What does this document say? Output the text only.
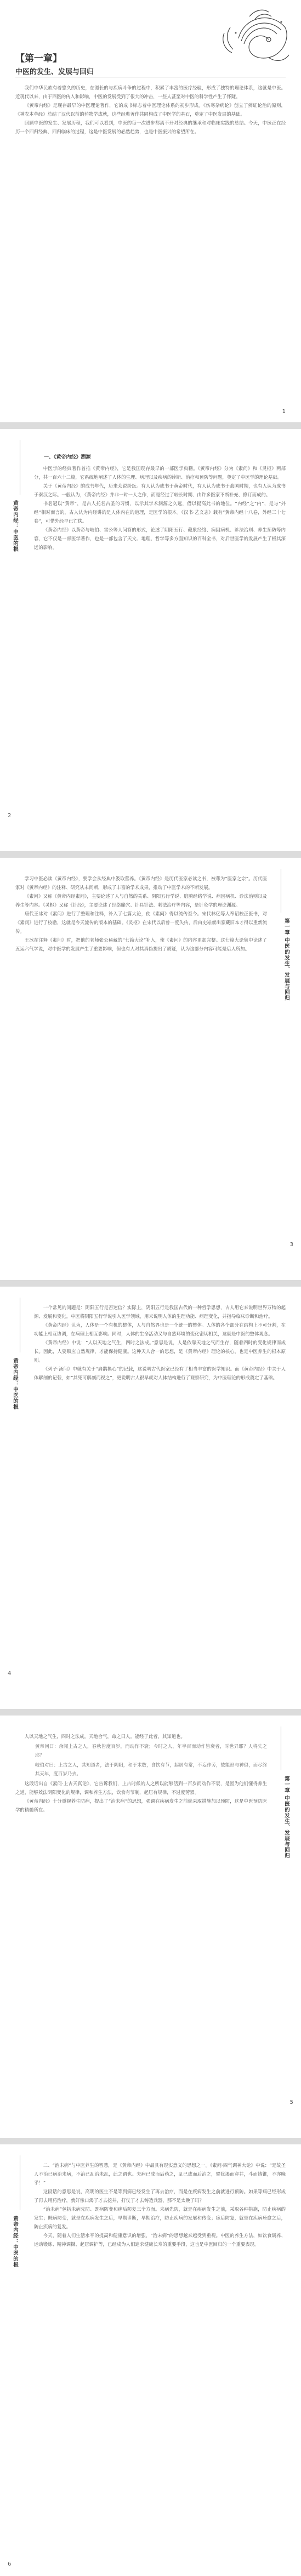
【第一章】
中医的发生、发展与回归

我们中华民族有着悠久的历史，在漫长的与疾病斗争的过程中，积累了丰富的医疗经验，形成了独特的理论体系，这就是中医。近现代以来，由于西医的传入和影响，中医的发展受到了很大的冲击，一些人甚至对中医的科学性产生了怀疑。

《黄帝内经》是现存最早的中医理论著作，它的成书标志着中医理论体系的初步形成。《伤寒杂病论》创立了辨证论治的原则，《神农本草经》总结了汉代以前的药物学成就，这些经典著作共同构成了中医学的基石，奠定了中医发展的基础。

回顾中医的发生、发展历程，我们可以看到，中医的每一次进步都离不开对经典的继承和对临床实践的总结。今天，中医正在经历一个回归经典、回归临床的过程，这是中医发展的必然趋势，也是中医振兴的希望所在。

1
黄帝内经：中医的根

一、《黄帝内经》溯源

中医学的经典著作首推《黄帝内经》，它是我国现存最早的一部医学典籍。《黄帝内经》分为《素问》和《灵枢》两部分，共一百六十二篇，它系统地阐述了人体的生理、病理以及疾病的诊断、治疗和预防等问题，奠定了中医学的理论基础。

关于《黄帝内经》的成书年代，历来众说纷纭。有人认为成书于黄帝时代，有人认为成书于战国时期，也有人认为成书于秦汉之际。一般认为，《黄帝内经》并非一时一人之作，而是经过了较长时期、由许多医家不断补充、修订而成的。

书名冠以“黄帝”，是古人托名古圣的习惯，以示其学术渊源之久远，借以提高此书的地位。“内经”之“内”，是与“外经”相对而言的，古人认为内经讲的是人体内在的道理，是医学的根本。《汉书·艺文志》载有“黄帝内经十八卷，外经三十七卷”，可惜外经早已亡佚。

《黄帝内经》以黄帝与岐伯、雷公等人问答的形式，论述了阴阳五行、藏象经络、病因病机、诊法治则、养生预防等内容，它不仅是一部医学著作，也是一部包含了天文、地理、哲学等多方面知识的百科全书，对后世医学的发展产生了极其深远的影响。

2

学习中医必读《黄帝内经》，要学会从经典中汲取营养。《黄帝内经》是历代医家必读之书，被尊为“医家之宗”。历代医家对《黄帝内经》的注释、研究从未间断，形成了丰富的学术成果，推动了中医学术的不断发展。

《素问》又称《黄帝内经素问》，主要论述了人与自然的关系、阴阳五行学说、脏腑经络学说、病因病机、诊法治则以及养生等内容。《灵枢》又称《针经》，主要论述了经络腧穴、针具针法、刺法治疗等内容，是针灸学的理论渊源。

唐代王冰对《素问》进行了整理和注释，补入了七篇大论，使《素问》得以流传至今。宋代林亿等人奉诏校正医书，对《素问》进行了校勘，这就是今天流传的版本的基础。《灵枢》在宋代以后曾一度失传，后由史崧献出家藏旧本才得以重新流传。

王冰在注释《素问》时，把他的老师张公秘藏的“七篇大论”补入，使《素问》的内容更加完整。这七篇大论集中论述了五运六气学说，对中医学的发展产生了重要影响，但也有人对其真伪提出了质疑，认为这部分内容可能是后人所加。	第一章 中医的发生、发展与回归
3
黄帝内经：中医的根

一个常见的问题是：阴阳五行是否迷信？实际上，阴阳五行是我国古代的一种哲学思想，古人用它来说明世界万物的起源、发展和变化。中医将阴阳五行学说引入医学领域，用来说明人体的生理功能、病理变化，并指导临床诊断和治疗。

《黄帝内经》认为，人体是一个有机的整体，人与自然界也是一个统一的整体。人体的各个部分在结构上不可分割，在功能上相互协调，在病理上相互影响。同时，人体的生命活动又与自然环境的变化密切相关，这就是中医的整体观念。

《黄帝内经》中说：“人以天地之气生，四时之法成。”意思是说，人是依靠天地之气而生存，随着四时的变化规律而成长。因此，人要顺应自然规律，才能保持健康。这种天人合一的思想，是《黄帝内经》理论的核心，也是中医养生的根本原则。

《列子·汤问》中就有关于“扁鹊换心”的记载，这说明古代医家已经有了相当丰富的医学知识。而《黄帝内经》中关于人体解剖的记载，如“其死可解剖而视之”，更说明古人很早就对人体结构进行了观察研究，为中医理论的形成奠定了基础。

4

人以天地之气生，四时之法成。天地合气，命之曰人。能经于此者，其知道也。

黄帝问曰：余闻上古之人，春秋皆度百岁，而动作不衰；今时之人，年半百而动作皆衰者，时世异耶？人将失之耶？

岐伯对曰：上古之人，其知道者，法于阴阳，和于术数，食饮有节，起居有常，不妄作劳，故能形与神俱，而尽终其天年，度百岁乃去。

这段话出自《素问·上古天真论》，它告诉我们，上古时候的人之所以能够活到一百岁而动作不衰，是因为他们懂得养生之道，能够效法阴阳变化的规律，调和养生方法，饮食有节制，起居有规律，不过度劳累。

《黄帝内经》十分重视养生防病，提出了“治未病”的思想，强调在疾病发生之前就采取措施加以预防，这是中医预防医学的精髓所在。	第一章 中医的发生、发展与回归
5
黄帝内经：中医的根

二、“治未病”与中医养生的智慧，是《黄帝内经》中最具有现实意义的思想之一。《素问·四气调神大论》中说：“是故圣人不治已病治未病，不治已乱治未乱，此之谓也。夫病已成而后药之，乱已成而后治之，譬犹渴而穿井，斗而铸锥，不亦晚乎！”

这段话的意思是说，高明的医生不是等到病已经发生了再去治疗，而是在疾病发生之前就进行预防。如果等病已经形成了再去用药治疗，就好像口渴了才去挖井，打仗了才去铸造兵器，那不是太晚了吗？

“治未病”包括未病先防、既病防变和瘥后防复三个方面。未病先防，就是在疾病发生之前，采取各种措施，防止疾病的发生；既病防变，就是在疾病发生之后，早期诊断，早期治疗，防止疾病的发展和传变；瘥后防复，就是在疾病痊愈之后，防止疾病的复发。

今天，随着人们生活水平的提高和健康意识的增强，“治未病”的思想越来越受到重视。中医的养生方法，如饮食调养、运动锻炼、精神调摄、起居调护等，已经成为人们追求健康长寿的重要手段，这也是中医回归的一个重要表现。

6
